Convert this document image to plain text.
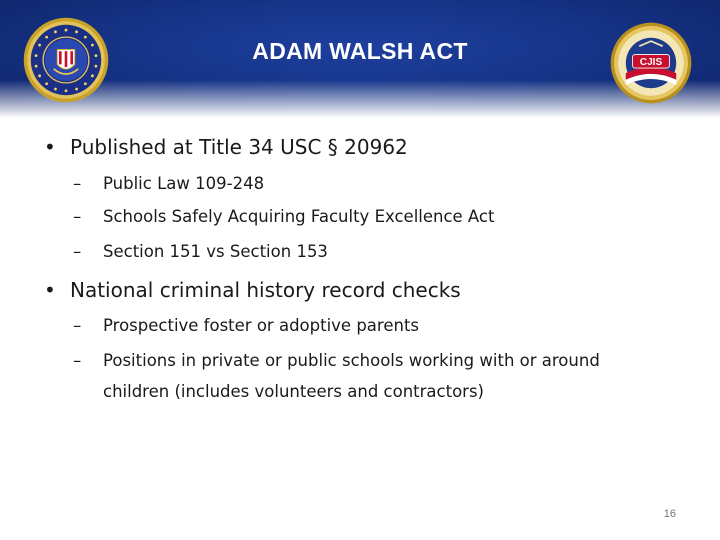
ADAM WALSH ACT	CJIS
• Published at Title 34 USC § 20962
– Public Law 109-248
– Schools Safely Acquiring Faculty Excellence Act
– Section 151 vs Section 153
• National criminal history record checks
– Prospective foster or adoptive parents
– Positions in private or public schools working with or around children (includes volunteers and contractors)
16
